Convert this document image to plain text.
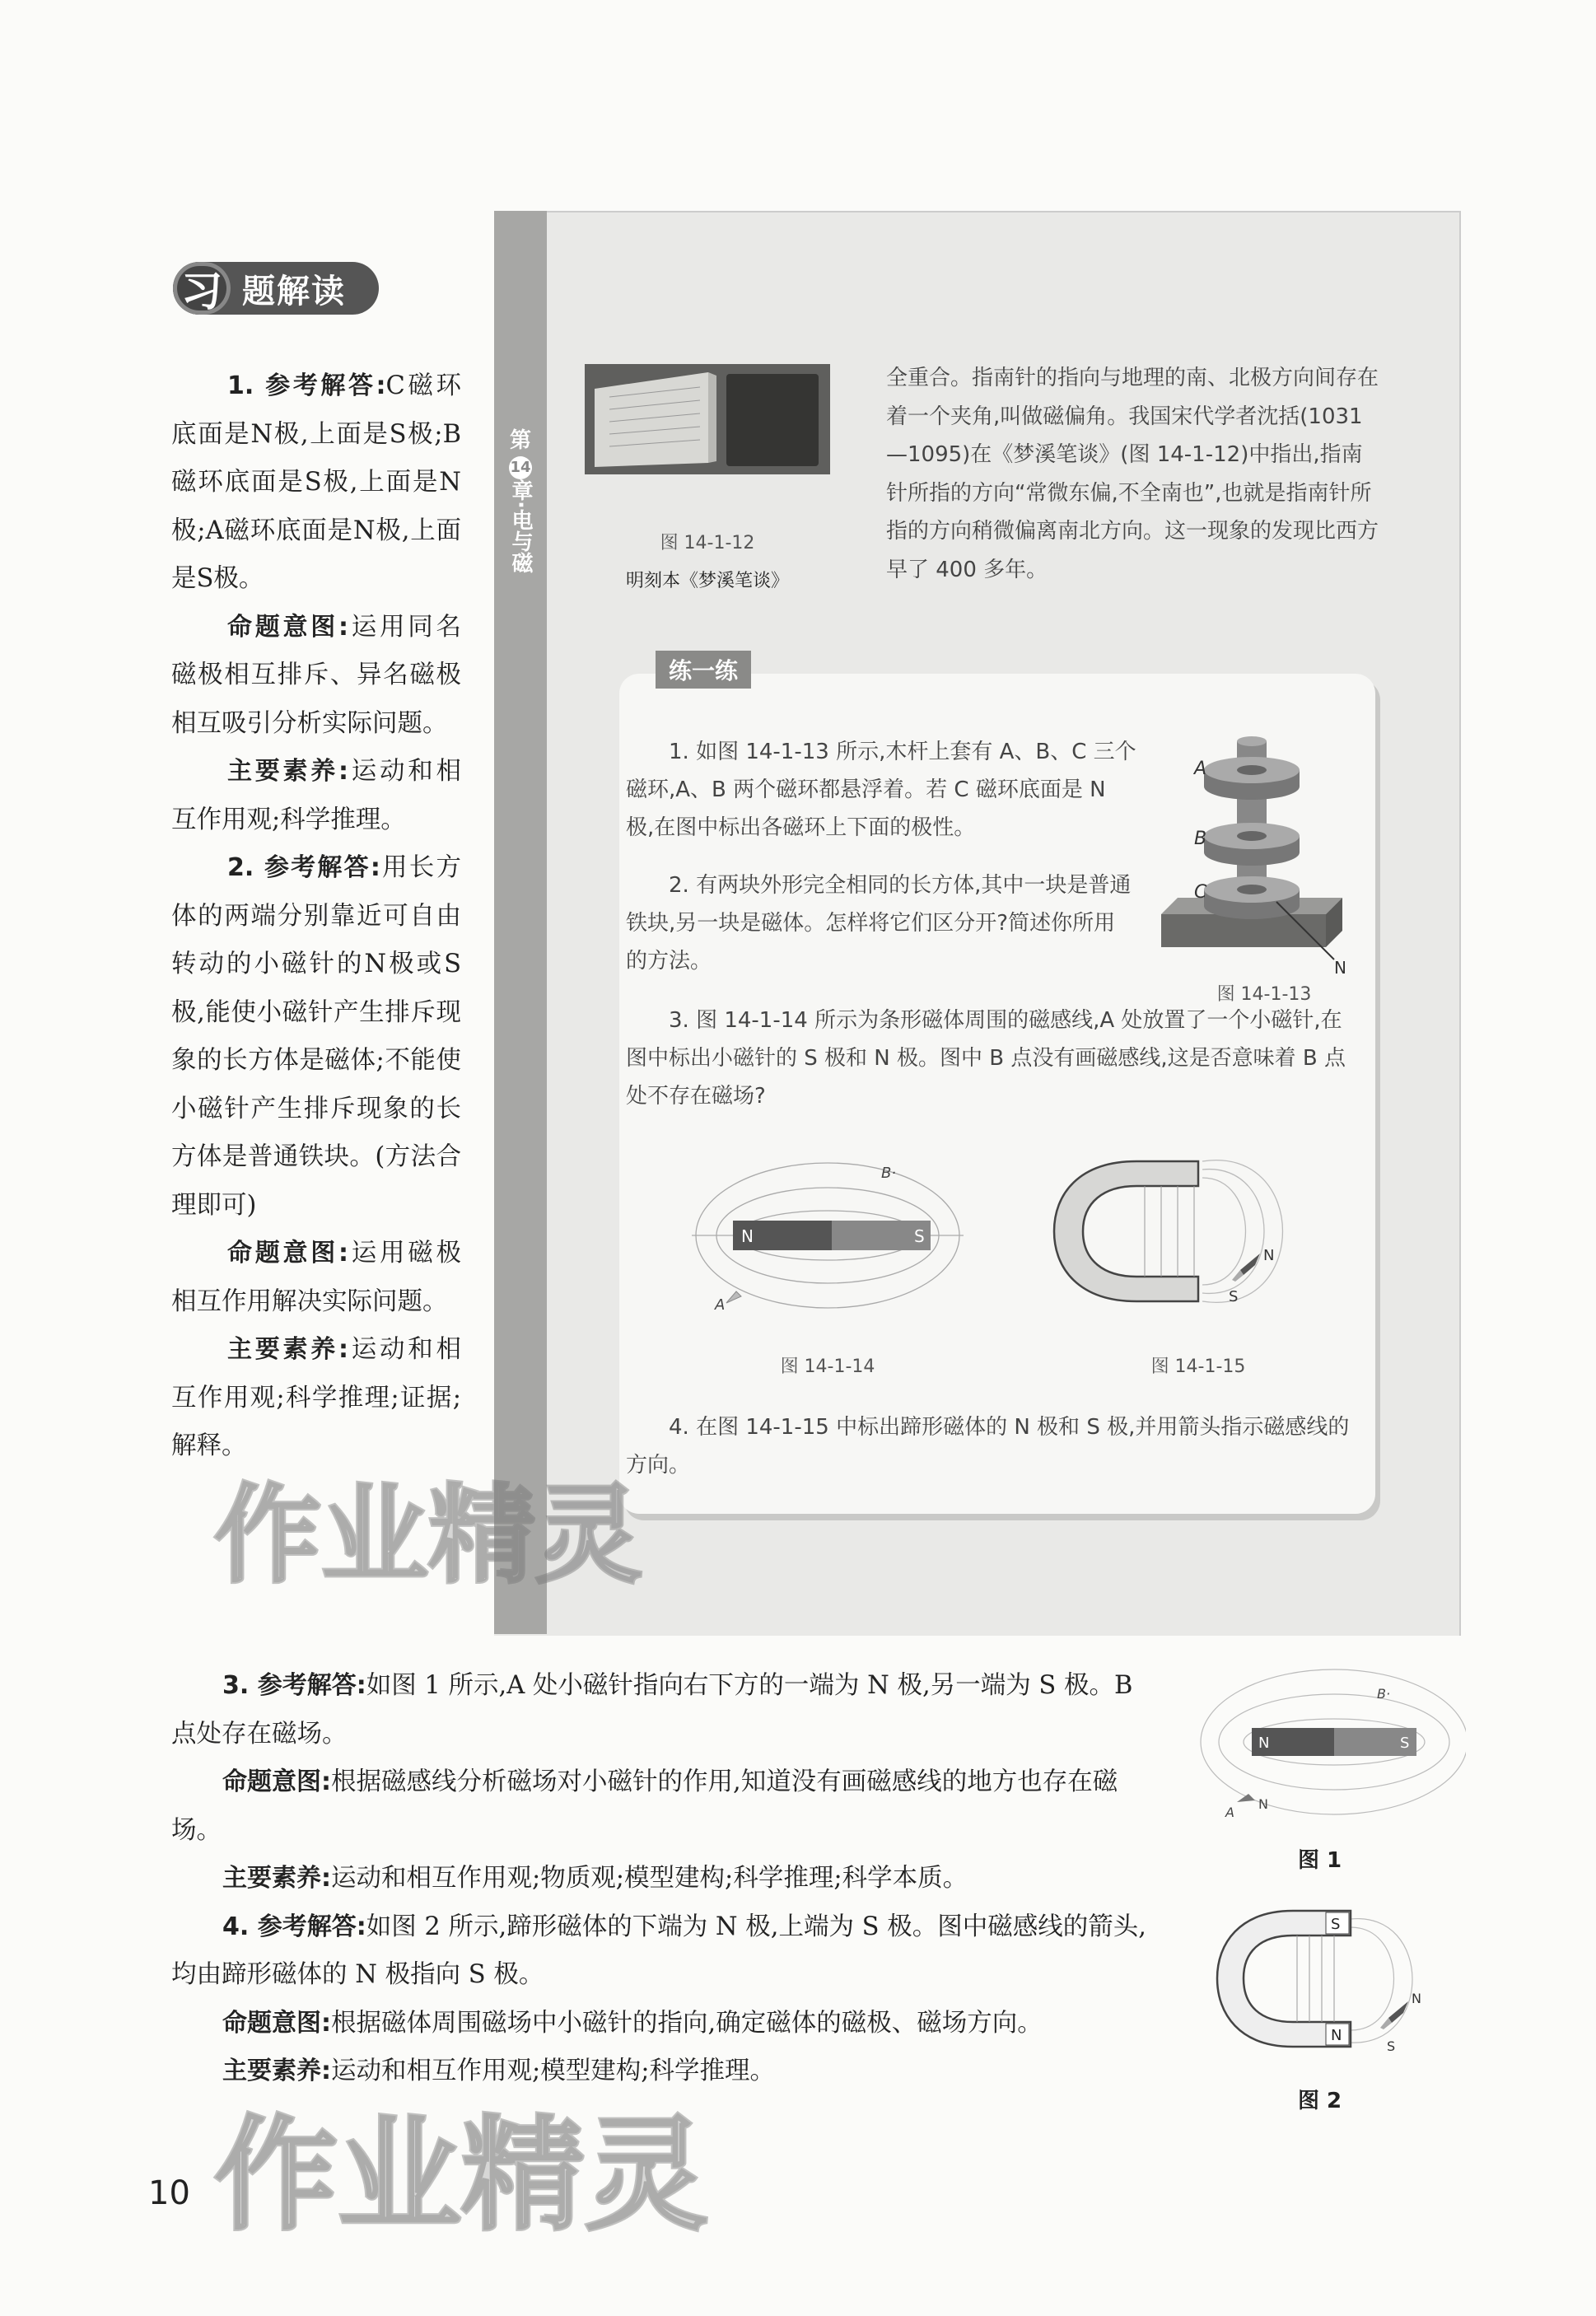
习 题解读

1. 参考解答:C磁环底面是N极,上面是S极;B磁环底面是S极,上面是N极;A磁环底面是N极,上面是S极。

命题意图:运用同名磁极相互排斥、异名磁极相互吸引分析实际问题。

主要素养:运动和相互作用观;科学推理。

2. 参考解答:用长方体的两端分别靠近可自由转动的小磁针的N极或S极,能使小磁针产生排斥现象的长方体是磁体;不能使小磁针产生排斥现象的长方体是普通铁块。(方法合理即可)

命题意图:运用磁极相互作用解决实际问题。

主要素养:运动和相互作用观;科学推理;证据;解释。

第
14
章·电与磁	图 14-1-12
明刻本《梦溪笔谈》
全重合。指南针的指向与地理的南、北极方向间存在着一个夹角,叫做磁偏角。我国宋代学者沈括(1031—1095)在《梦溪笔谈》(图 14-1-12)中指出,指南针所指的方向“常微东偏,不全南也”,也就是指南针所指的方向稍微偏离南北方向。这一现象的发现比西方早了 400 多年。
练一练
1. 如图 14-1-13 所示,木杆上套有 A、B、C 三个磁环,A、B 两个磁环都悬浮着。若 C 磁环底面是 N 极,在图中标出各磁环上下面的极性。
2. 有两块外形完全相同的长方体,其中一块是普通铁块,另一块是磁体。怎样将它们区分开?简述你所用的方法。
A
B
C
N
图 14-1-13
3. 图 14-1-14 所示为条形磁体周围的磁感线,A 处放置了一个小磁针,在图中标出小磁针的 S 极和 N 极。图中 B 点没有画磁感线,这是否意味着 B 点处不存在磁场?
N	S
B·
A
图 14-1-14
N
S
图 14-1-15
4. 在图 14-1-15 中标出蹄形磁体的 N 极和 S 极,并用箭头指示磁感线的方向。

3. 参考解答:如图 1 所示,A 处小磁针指向右下方的一端为 N 极,另一端为 S 极。B 点处存在磁场。

命题意图:根据磁感线分析磁场对小磁针的作用,知道没有画磁感线的地方也存在磁场。

主要素养:运动和相互作用观;物质观;模型建构;科学推理;科学本质。

4. 参考解答:如图 2 所示,蹄形磁体的下端为 N 极,上端为 S 极。图中磁感线的箭头,均由蹄形磁体的 N 极指向 S 极。

命题意图:根据磁体周围磁场中小磁针的指向,确定磁体的磁极、磁场方向。

主要素养:运动和相互作用观;模型建构;科学推理。

N	S
B·
A
N
图 1
S
N
N
S
图 2
作业精灵
作业精灵
10
